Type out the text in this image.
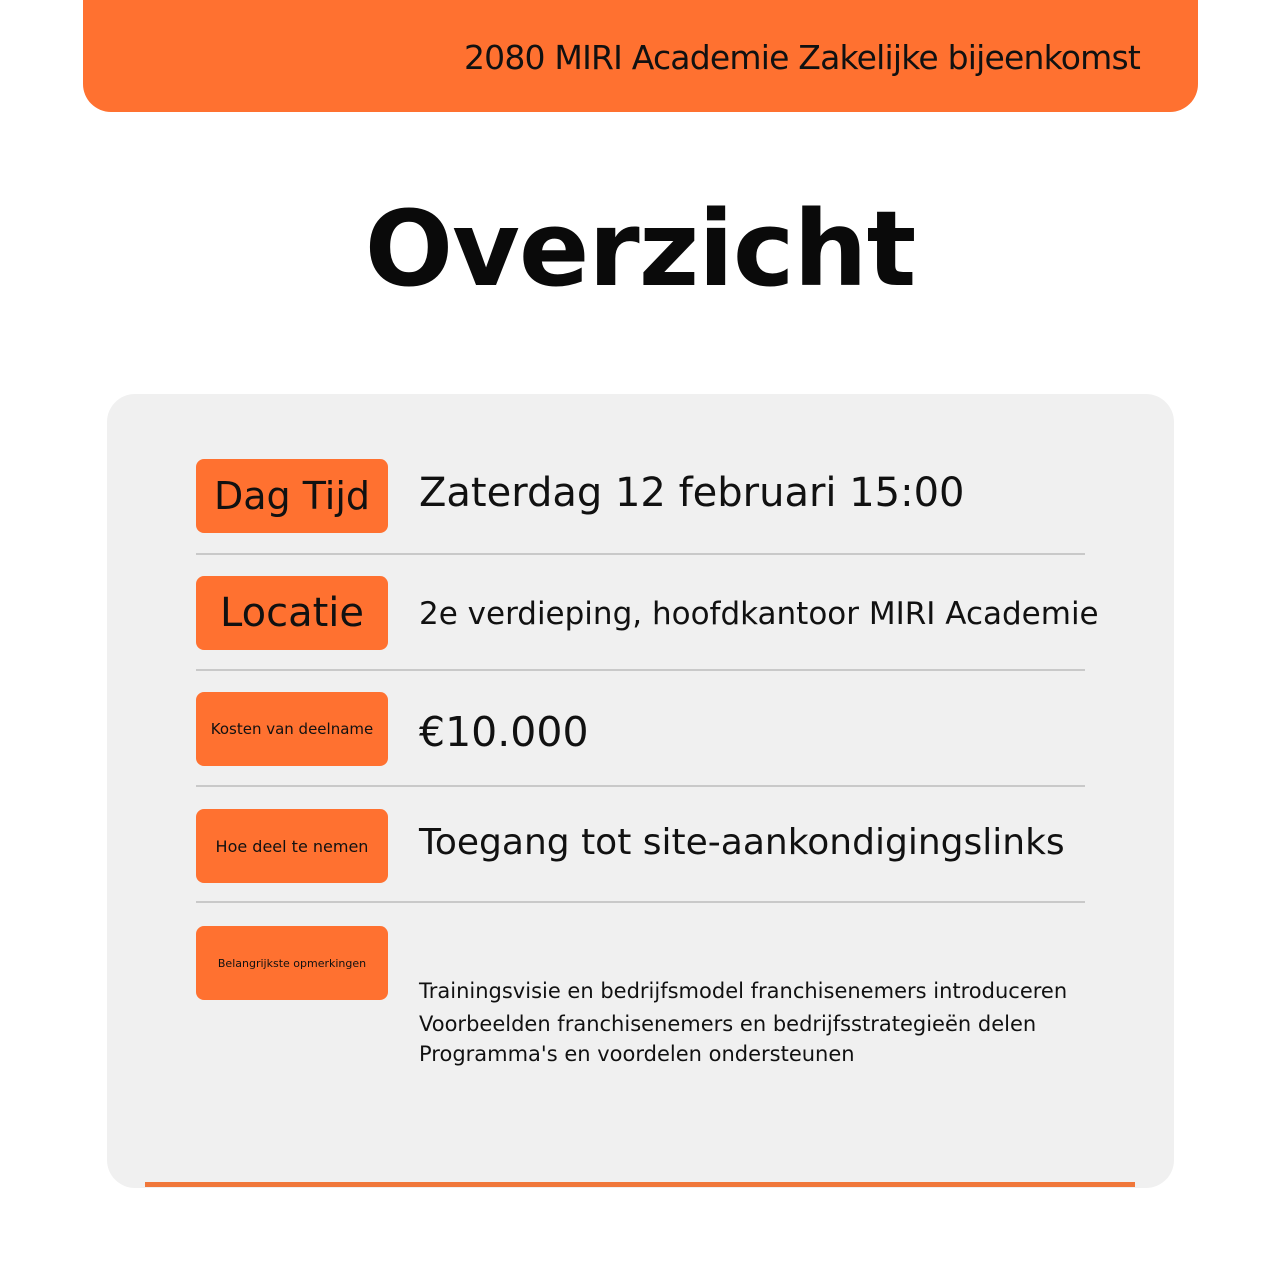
2080 MIRI Academie Zakelijke bijeenkomst
Overzicht
Dag Tijd	Zaterdag 12 februari 15:00
Locatie	2e verdieping, hoofdkantoor MIRI Academie
Kosten van deelname	€10.000
Hoe deel te nemen	Toegang tot site-aankondigingslinks
Belangrijkste opmerkingen
Trainingsvisie en bedrijfsmodel franchisenemers introduceren
Voorbeelden franchisenemers en bedrijfsstrategieën delen
Programma's en voordelen ondersteunen
